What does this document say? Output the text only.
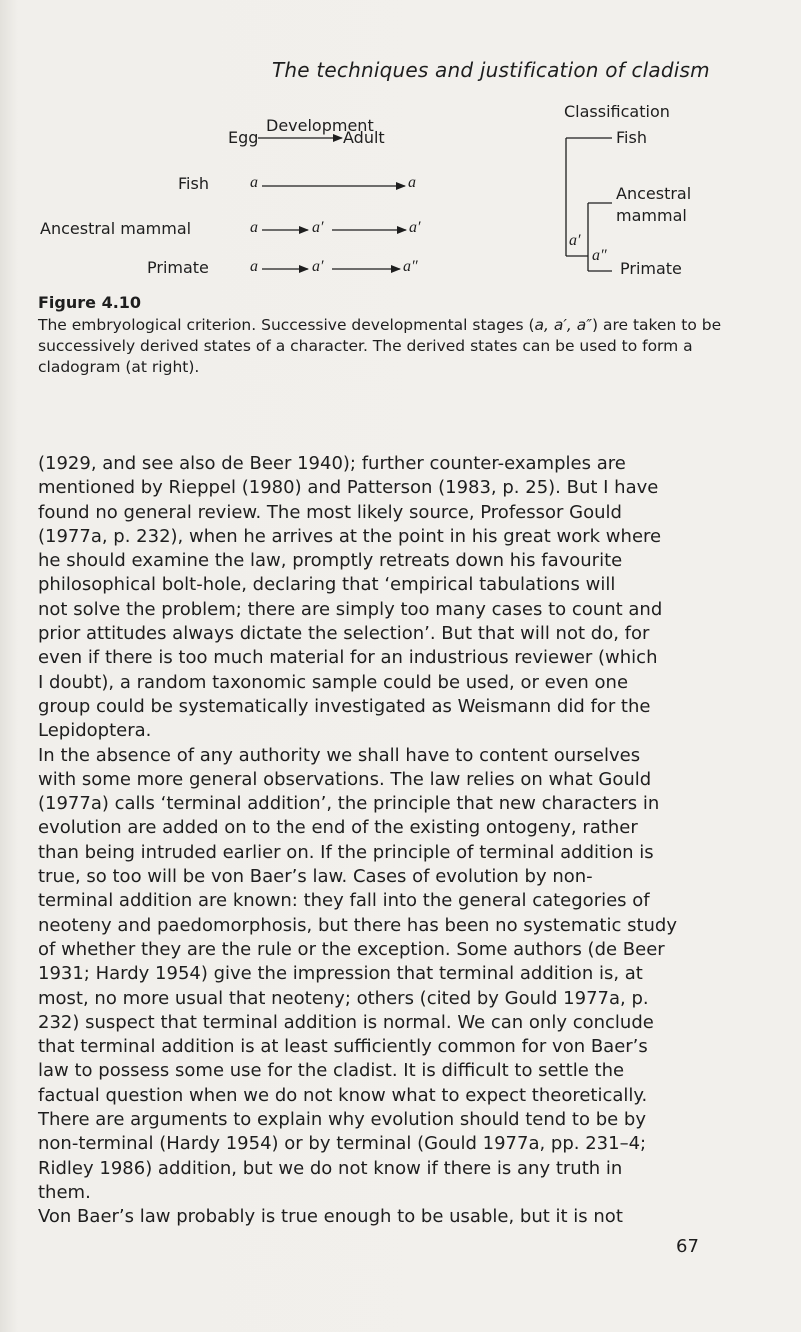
The techniques and justification of cladism
Development
Egg	Adult
Fish	a	a
Ancestral mammal	a	a′	a′
Primate	a	a′	a″
Classification
Fish
Ancestral
mammal
Primate
a′
a″
Figure 4.10
The embryological criterion. Successive developmental stages (a, a′, a″) are taken to be successively derived states of a character. The derived states can be used to form a cladogram (at right).
(1929, and see also de Beer 1940); further counter-examples are
mentioned by Rieppel (1980) and Patterson (1983, p. 25). But I have
found no general review. The most likely source, Professor Gould
(1977a, p. 232), when he arrives at the point in his great work where
he should examine the law, promptly retreats down his favourite
philosophical bolt-hole, declaring that ‘empirical tabulations will
not solve the problem; there are simply too many cases to count and
prior attitudes always dictate the selection’. But that will not do, for
even if there is too much material for an industrious reviewer (which
I doubt), a random taxonomic sample could be used, or even one
group could be systematically investigated as Weismann did for the
Lepidoptera.
In the absence of any authority we shall have to content ourselves
with some more general observations. The law relies on what Gould
(1977a) calls ‘terminal addition’, the principle that new characters in
evolution are added on to the end of the existing ontogeny, rather
than being intruded earlier on. If the principle of terminal addition is
true, so too will be von Baer’s law. Cases of evolution by non-
terminal addition are known: they fall into the general categories of
neoteny and paedomorphosis, but there has been no systematic study
of whether they are the rule or the exception. Some authors (de Beer
1931; Hardy 1954) give the impression that terminal addition is, at
most, no more usual that neoteny; others (cited by Gould 1977a, p.
232) suspect that terminal addition is normal. We can only conclude
that terminal addition is at least sufficiently common for von Baer’s
law to possess some use for the cladist. It is difficult to settle the
factual question when we do not know what to expect theoretically.
There are arguments to explain why evolution should tend to be by
non-terminal (Hardy 1954) or by terminal (Gould 1977a, pp. 231–4;
Ridley 1986) addition, but we do not know if there is any truth in
them.
Von Baer’s law probably is true enough to be usable, but it is not
67
